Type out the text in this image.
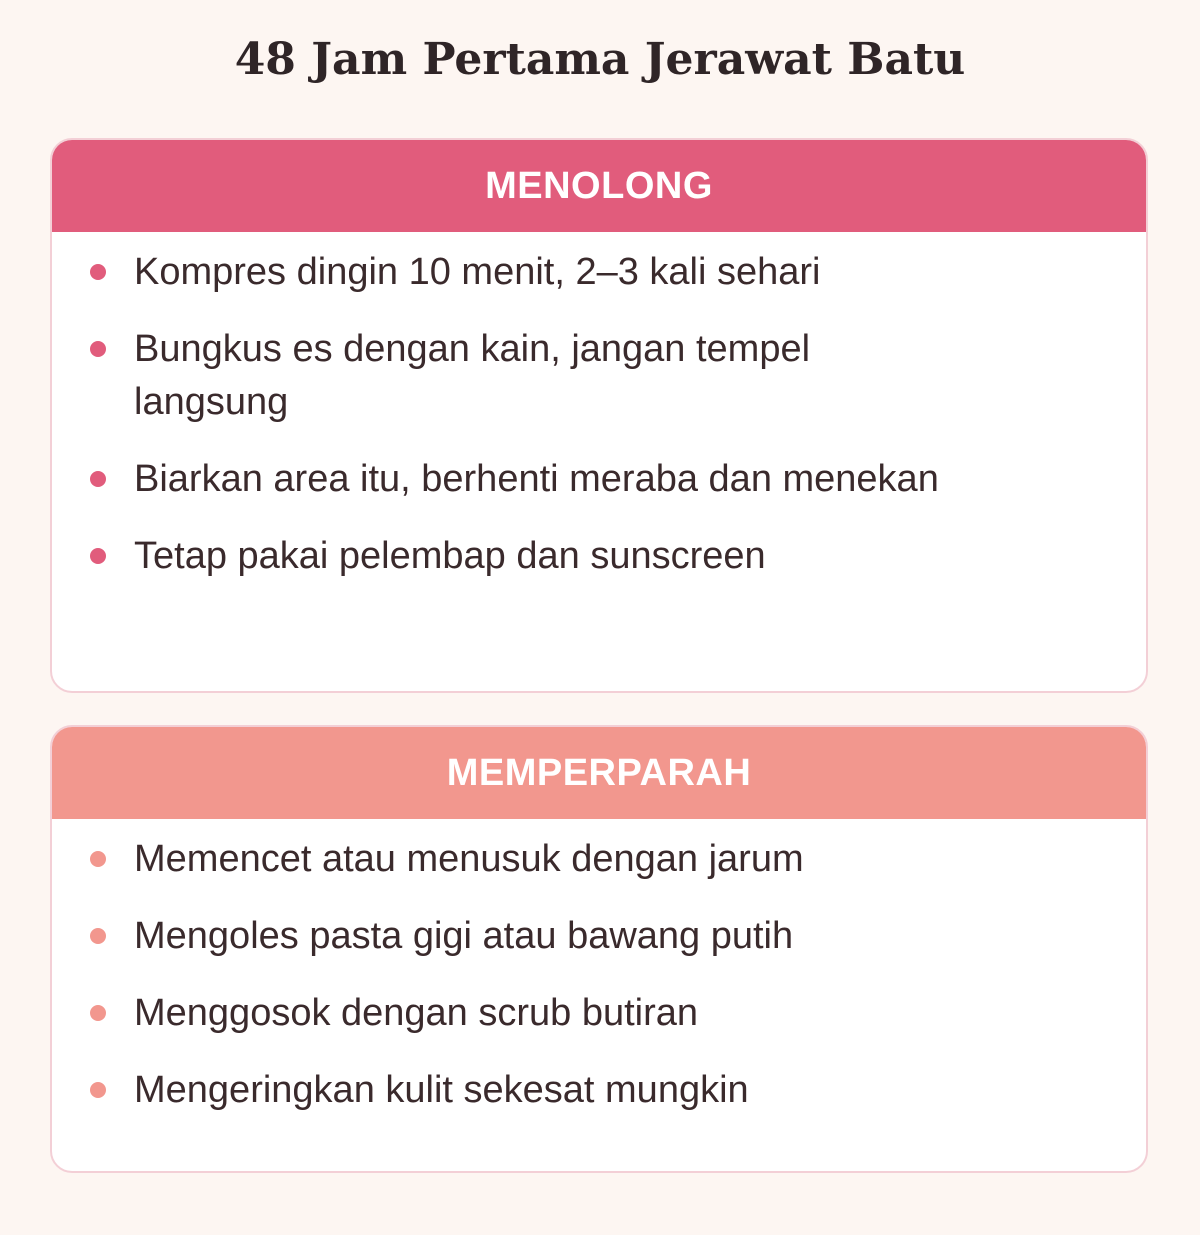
48 Jam Pertama Jerawat Batu
MENOLONG
Kompres dingin 10 menit, 2–3 kali sehari
Bungkus es dengan kain, jangan tempel langsung
Biarkan area itu, berhenti meraba dan menekan
Tetap pakai pelembap dan sunscreen
MEMPERPARAH
Memencet atau menusuk dengan jarum
Mengoles pasta gigi atau bawang putih
Menggosok dengan scrub butiran
Mengeringkan kulit sekesat mungkin
